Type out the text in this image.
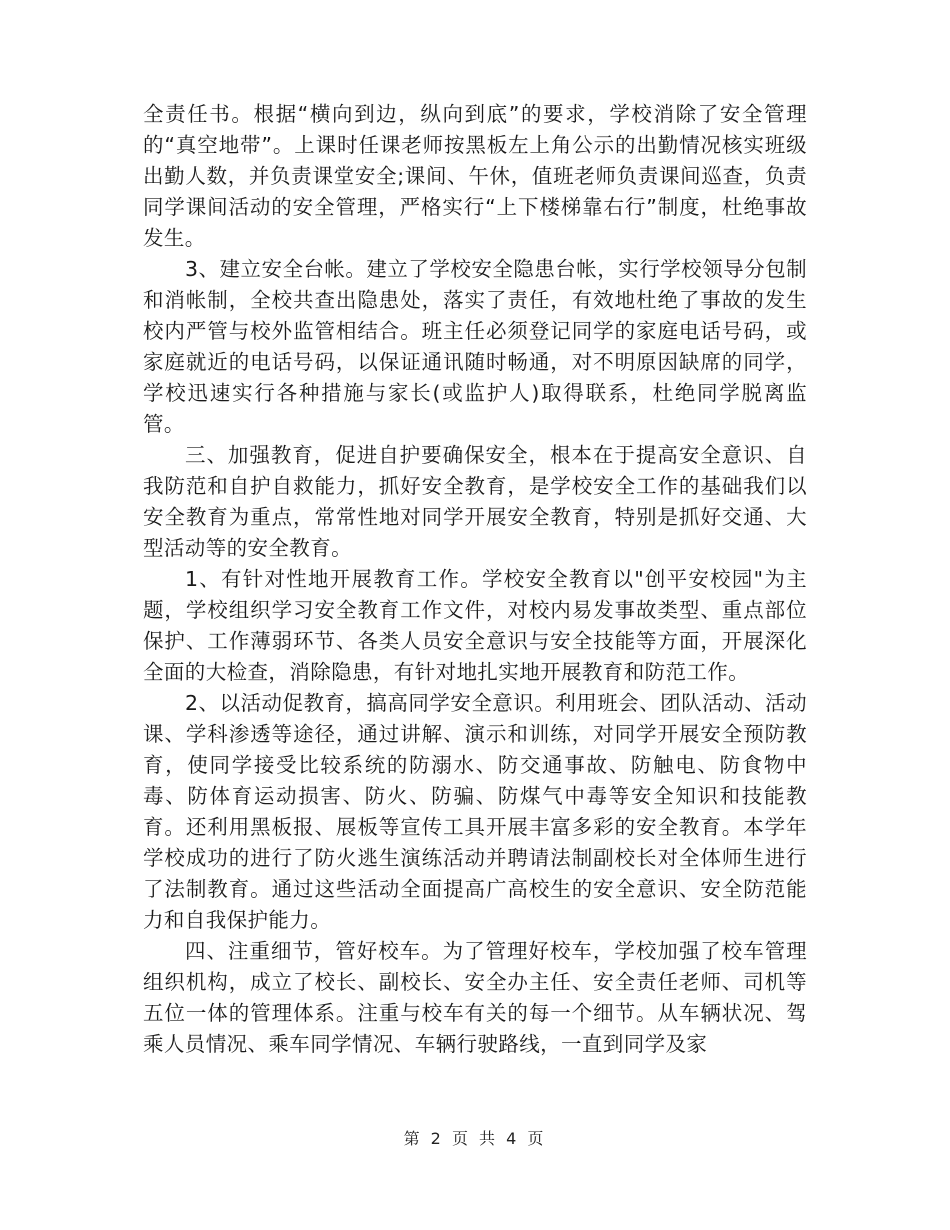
全责任书。根据“横向到边，纵向到底”的要求，学校消除了安全管理的“真空地带”。上课时任课老师按黑板左上角公示的出勤情况核实班级出勤人数，并负责课堂安全;课间、午休，值班老师负责课间巡查，负责同学课间活动的安全管理，严格实行“上下楼梯靠右行”制度，杜绝事故发生。

3、建立安全台帐。建立了学校安全隐患台帐，实行学校领导分包制和消帐制，全校共查出隐患处，落实了责任，有效地杜绝了事故的发生校内严管与校外监管相结合。班主任必须登记同学的家庭电话号码，或家庭就近的电话号码，以保证通讯随时畅通，对不明原因缺席的同学，学校迅速实行各种措施与家长(或监护人)取得联系，杜绝同学脱离监管。

三、加强教育，促进自护要确保安全，根本在于提高安全意识、自我防范和自护自救能力，抓好安全教育，是学校安全工作的基础我们以安全教育为重点，常常性地对同学开展安全教育，特别是抓好交通、大型活动等的安全教育。

1、有针对性地开展教育工作。学校安全教育以"创平安校园"为主题，学校组织学习安全教育工作文件，对校内易发事故类型、重点部位保护、工作薄弱环节、各类人员安全意识与安全技能等方面，开展深化全面的大检查，消除隐患，有针对地扎实地开展教育和防范工作。

2、以活动促教育，搞高同学安全意识。利用班会、团队活动、活动课、学科渗透等途径，通过讲解、演示和训练，对同学开展安全预防教育，使同学接受比较系统的防溺水、防交通事故、防触电、防食物中毒、防体育运动损害、防火、防骗、防煤气中毒等安全知识和技能教育。还利用黑板报、展板等宣传工具开展丰富多彩的安全教育。本学年学校成功的进行了防火逃生演练活动并聘请法制副校长对全体师生进行了法制教育。通过这些活动全面提高广高校生的安全意识、安全防范能力和自我保护能力。

四、注重细节，管好校车。为了管理好校车，学校加强了校车管理组织机构，成立了校长、副校长、安全办主任、安全责任老师、司机等五位一体的管理体系。注重与校车有关的每一个细节。从车辆状况、驾乘人员情况、乘车同学情况、车辆行驶路线，一直到同学及家

第 2 页 共 4 页
